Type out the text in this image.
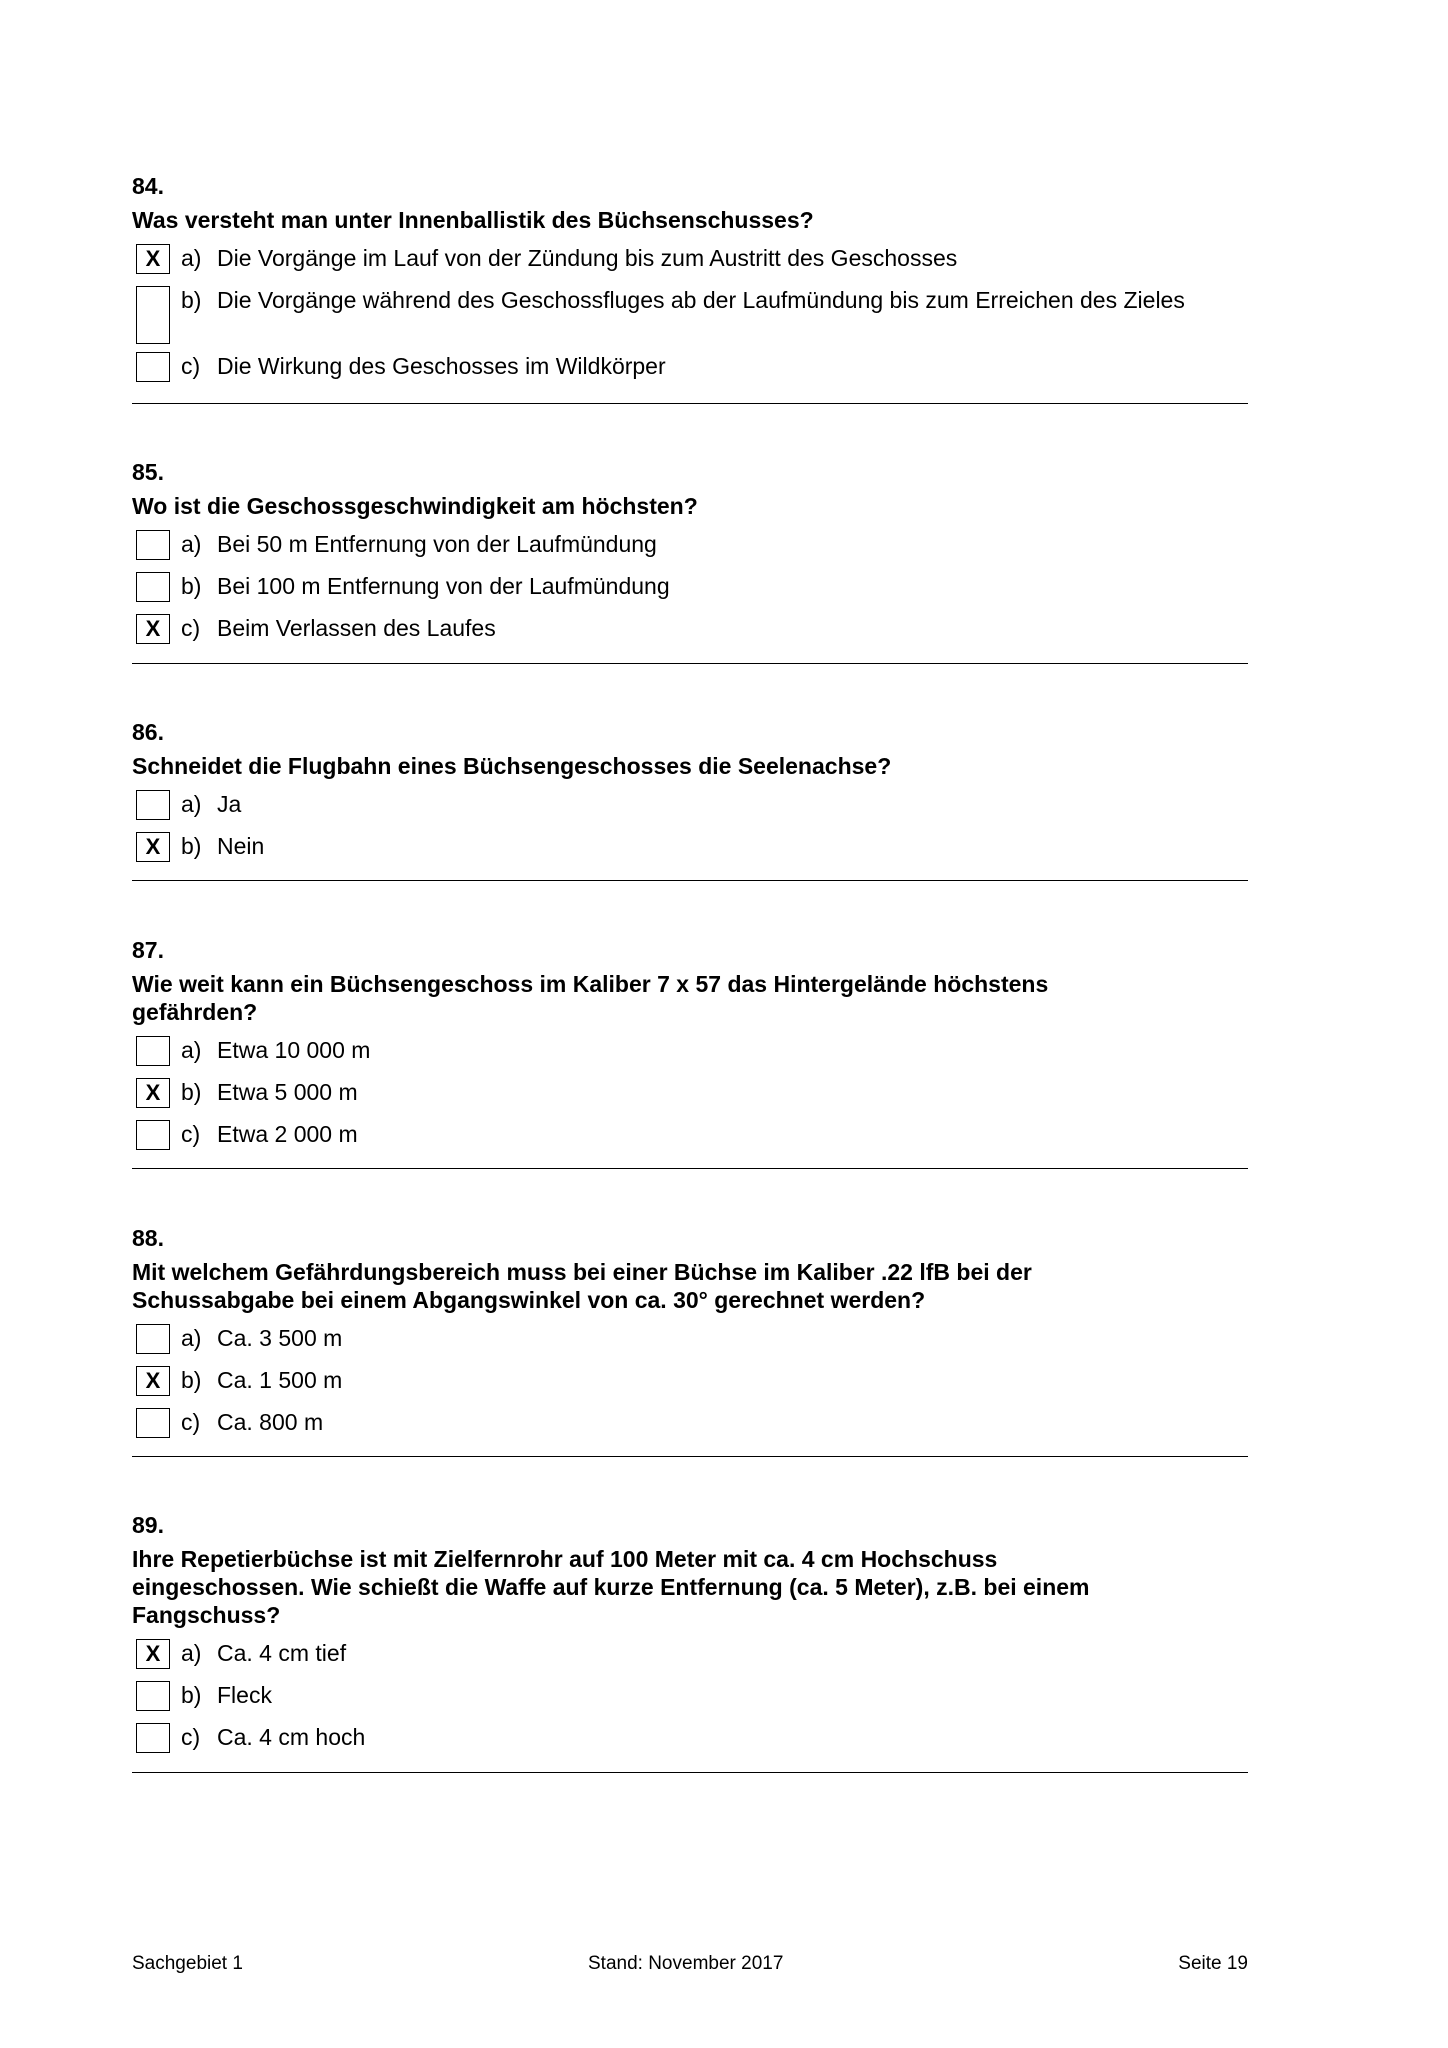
84.
Was versteht man unter Innenballistik des Büchsenschusses?
X a) Die Vorgänge im Lauf von der Zündung bis zum Austritt des Geschosses
b) Die Vorgänge während des Geschossfluges ab der Laufmündung bis zum Erreichen des Zieles
c) Die Wirkung des Geschosses im Wildkörper
85.
Wo ist die Geschossgeschwindigkeit am höchsten?
a) Bei 50 m Entfernung von der Laufmündung
b) Bei 100 m Entfernung von der Laufmündung
X c) Beim Verlassen des Laufes
86.
Schneidet die Flugbahn eines Büchsengeschosses die Seelenachse?
a) Ja
X b) Nein
87.
Wie weit kann ein Büchsengeschoss im Kaliber 7 x 57 das Hintergelände höchstens gefährden?
a) Etwa 10 000 m
X b) Etwa 5 000 m
c) Etwa 2 000 m
88.
Mit welchem Gefährdungsbereich muss bei einer Büchse im Kaliber .22 lfB bei der Schussabgabe bei einem Abgangswinkel von ca. 30° gerechnet werden?
a) Ca. 3 500 m
X b) Ca. 1 500 m
c) Ca. 800 m
89.
Ihre Repetierbüchse ist mit Zielfernrohr auf 100 Meter mit ca. 4 cm Hochschuss eingeschossen. Wie schießt die Waffe auf kurze Entfernung (ca. 5 Meter), z.B. bei einem Fangschuss?
X a) Ca. 4 cm tief
b) Fleck
c) Ca. 4 cm hoch
Sachgebiet 1	Stand: November 2017	Seite 19
